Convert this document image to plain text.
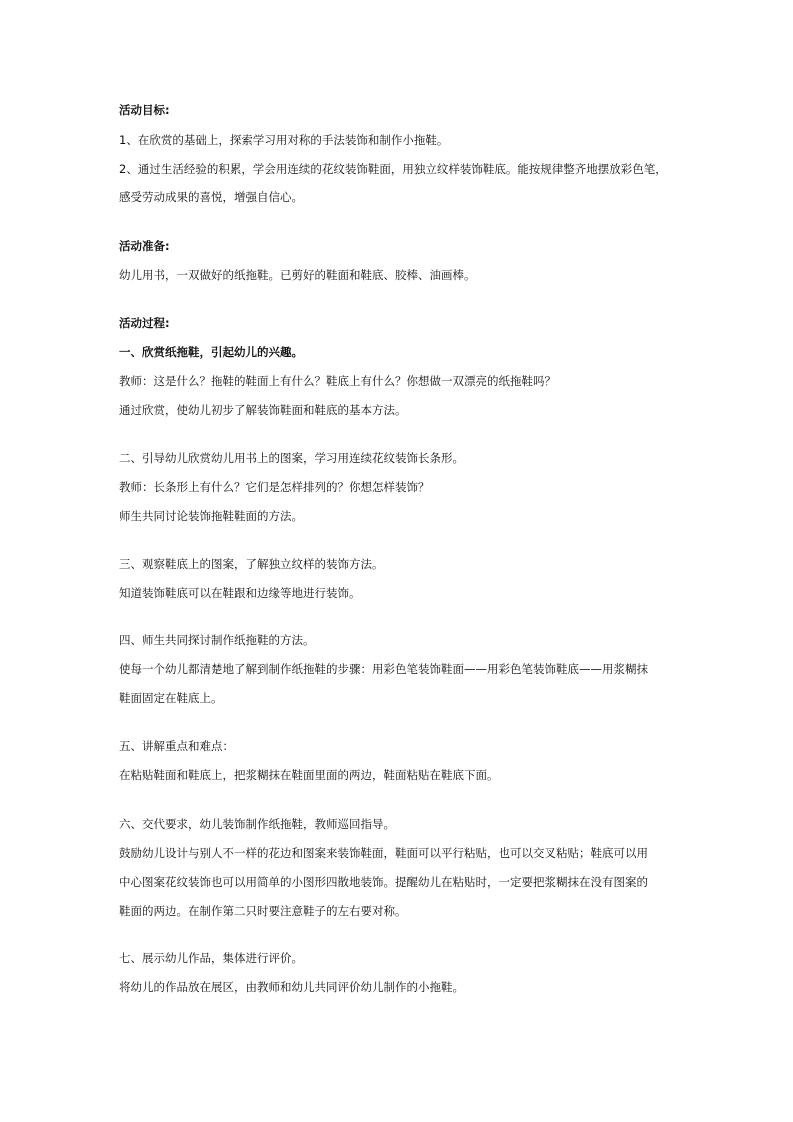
活动目标:
1、在欣赏的基础上，探索学习用对称的手法装饰和制作小拖鞋。
2、通过生活经验的积累，学会用连续的花纹装饰鞋面，用独立纹样装饰鞋底。能按规律整齐地摆放彩色笔，
感受劳动成果的喜悦，增强自信心。
活动准备:
幼儿用书，一双做好的纸拖鞋。已剪好的鞋面和鞋底、胶棒、油画棒。
活动过程:
一、欣赏纸拖鞋，引起幼儿的兴趣。
教师：这是什么？拖鞋的鞋面上有什么？鞋底上有什么？你想做一双漂亮的纸拖鞋吗？
通过欣赏，使幼儿初步了解装饰鞋面和鞋底的基本方法。
二、引导幼儿欣赏幼儿用书上的图案，学习用连续花纹装饰长条形。
教师：长条形上有什么？它们是怎样排列的？你想怎样装饰？
师生共同讨论装饰拖鞋鞋面的方法。
三、观察鞋底上的图案，了解独立纹样的装饰方法。
知道装饰鞋底可以在鞋跟和边缘等地进行装饰。
四、师生共同探讨制作纸拖鞋的方法。
使每一个幼儿都清楚地了解到制作纸拖鞋的步骤：用彩色笔装饰鞋面——用彩色笔装饰鞋底——用浆糊抹
鞋面固定在鞋底上。
五、讲解重点和难点：
在粘贴鞋面和鞋底上，把浆糊抹在鞋面里面的两边，鞋面粘贴在鞋底下面。
六、交代要求，幼儿装饰制作纸拖鞋，教师巡回指导。
鼓励幼儿设计与别人不一样的花边和图案来装饰鞋面，鞋面可以平行粘贴，也可以交叉粘贴；鞋底可以用
中心图案花纹装饰也可以用简单的小图形四散地装饰。提醒幼儿在粘贴时，一定要把浆糊抹在没有图案的
鞋面的两边。在制作第二只时要注意鞋子的左右要对称。
七、展示幼儿作品，集体进行评价。
将幼儿的作品放在展区，由教师和幼儿共同评价幼儿制作的小拖鞋。
